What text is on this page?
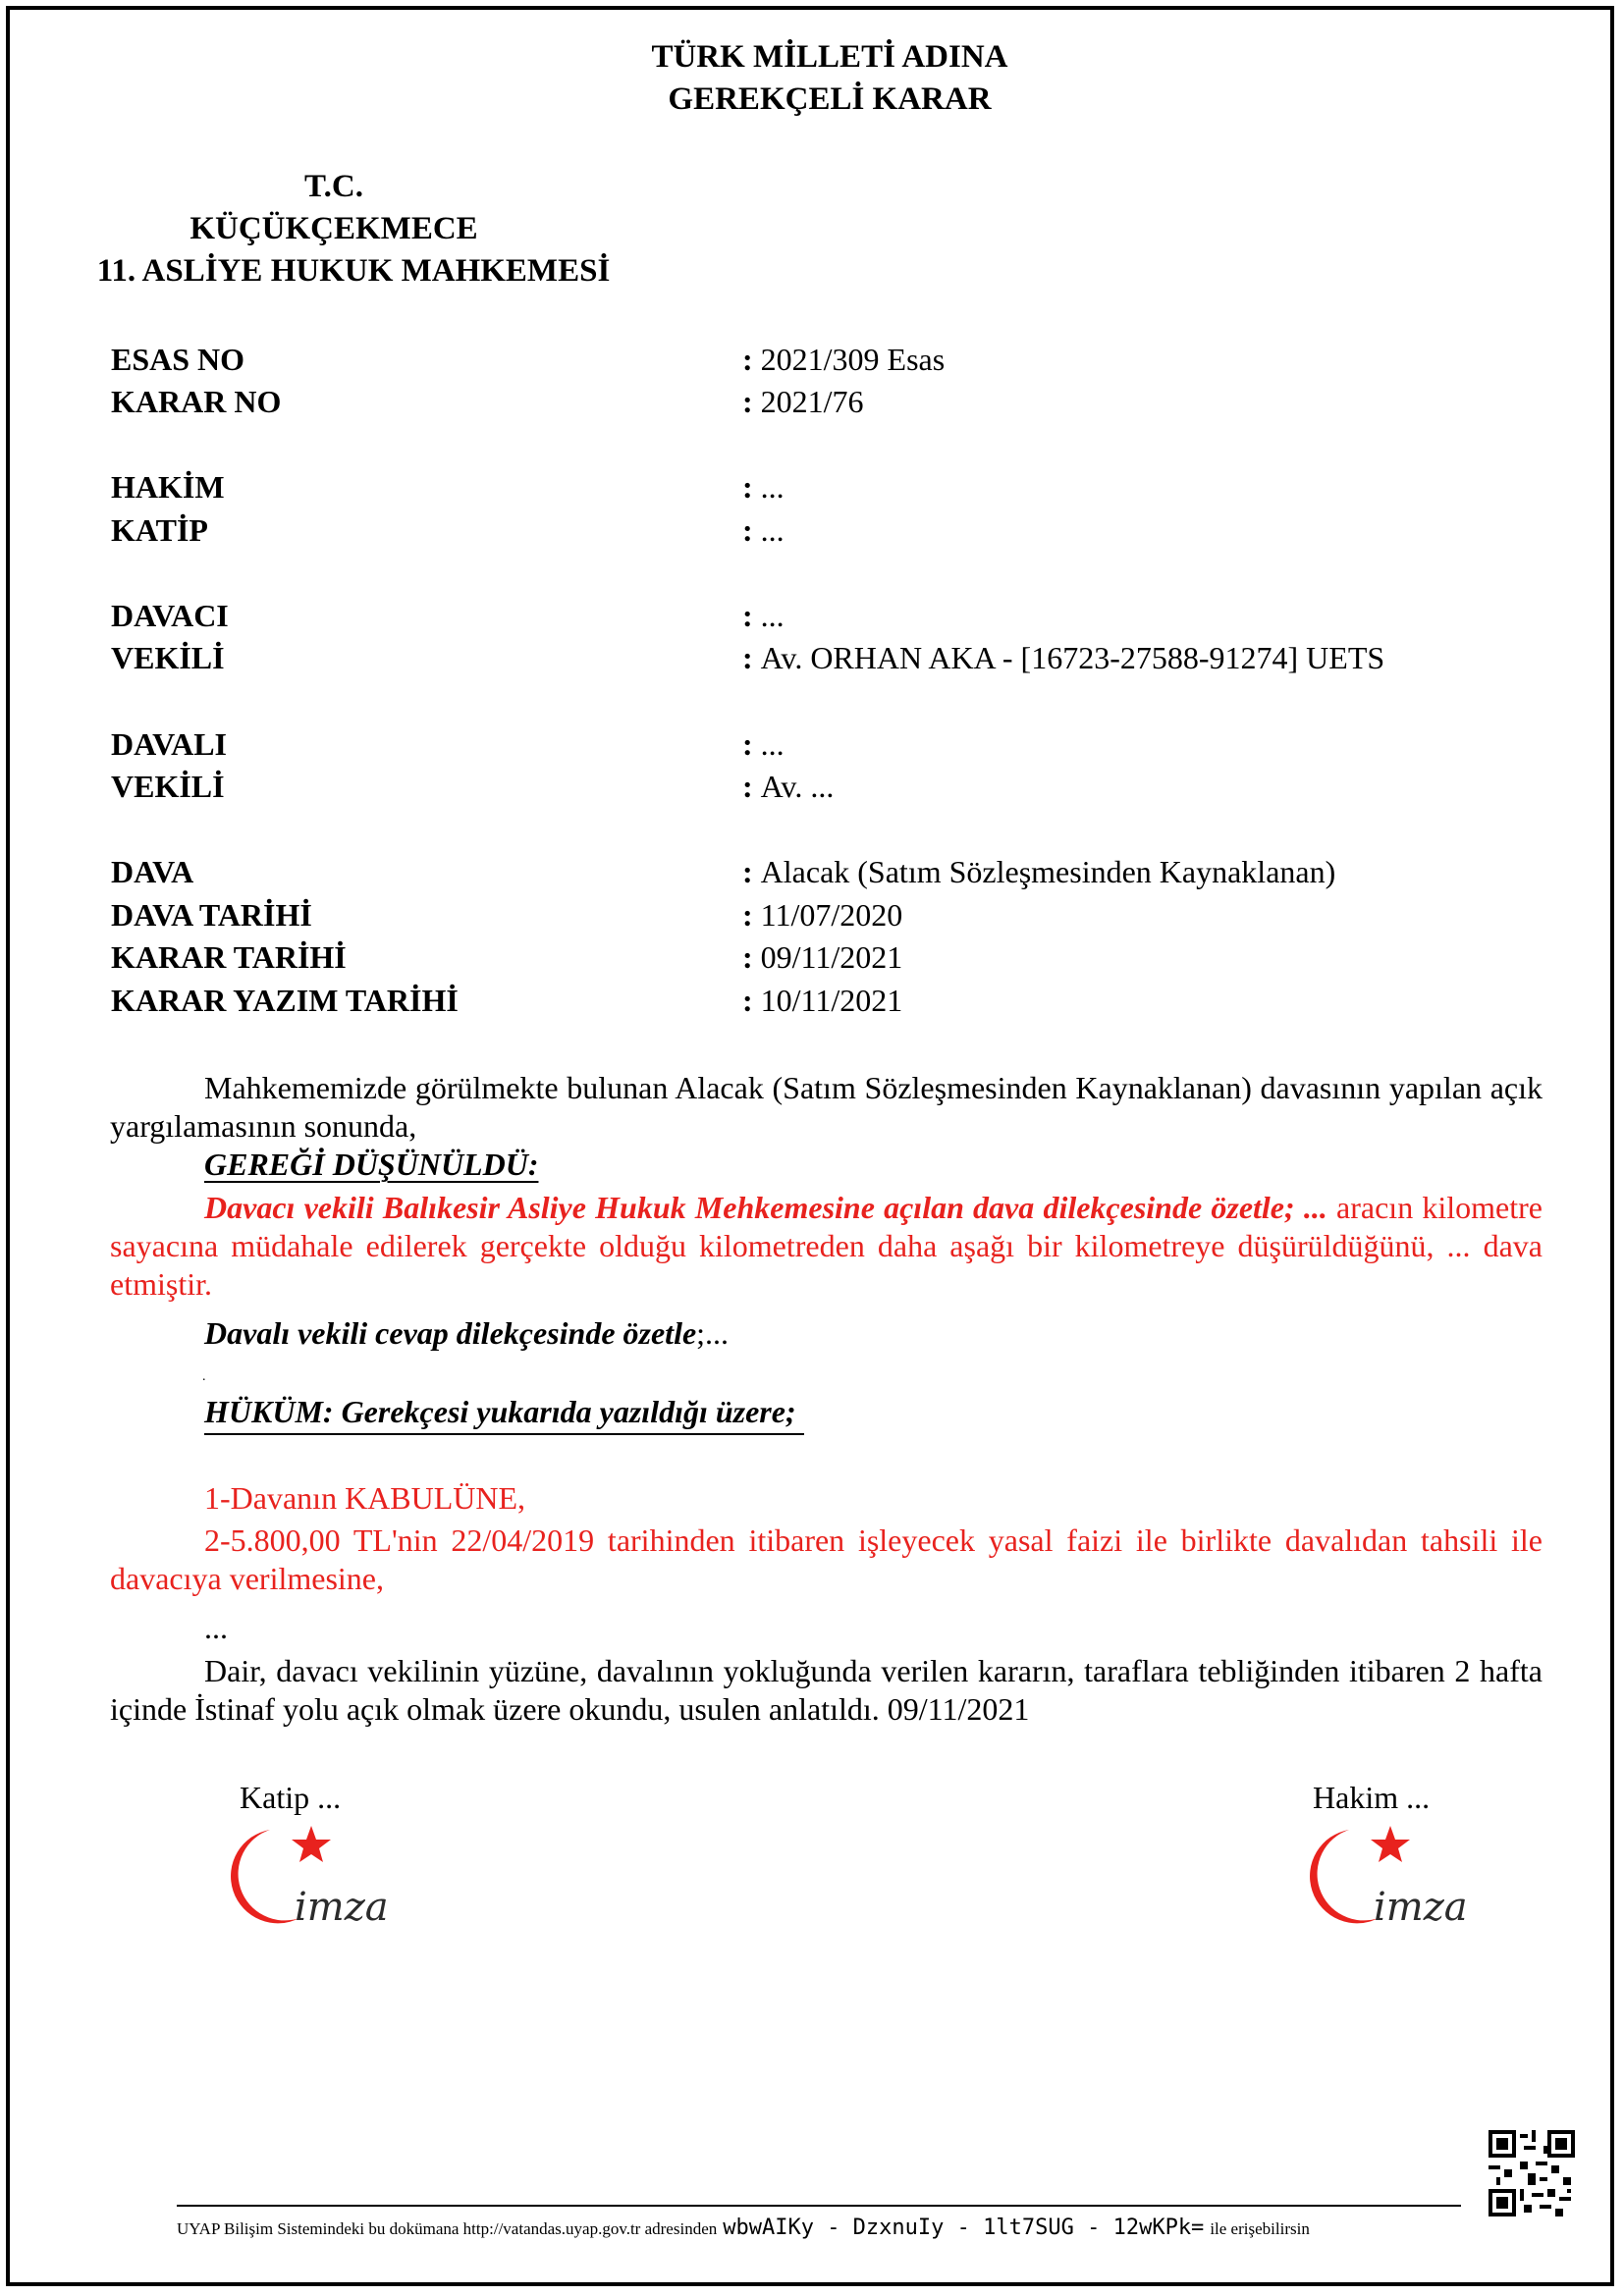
TÜRK MİLLETİ ADINA
GEREKÇELİ KARAR
T.C.
KÜÇÜKÇEKMECE
11. ASLİYE HUKUK MAHKEMESİ
ESAS NO	: 2021/309 Esas
KARAR NO	: 2021/76
HAKİM	: ...
KATİP	: ...
DAVACI	: ...
VEKİLİ	: Av. ORHAN AKA - [16723-27588-91274] UETS
DAVALI	: ...
VEKİLİ	: Av. ...
DAVA	: Alacak (Satım Sözleşmesinden Kaynaklanan)
DAVA TARİHİ	: 11/07/2020
KARAR TARİHİ	: 09/11/2021
KARAR YAZIM TARİHİ	: 10/11/2021
Mahkememizde görülmekte bulunan Alacak (Satım Sözleşmesinden Kaynaklanan) davasının yapılan açık yargılamasının sonunda,
GEREĞİ DÜŞÜNÜLDÜ:
Davacı vekili Balıkesir Asliye Hukuk Mehkemesine açılan dava dilekçesinde özetle; ... aracın kilometre sayacına müdahale edilerek gerçekte olduğu kilometreden daha aşağı bir kilometreye düşürüldüğünü, ... dava etmiştir.
Davalı vekili cevap dilekçesinde özetle;...
.
HÜKÜM: Gerekçesi yukarıda yazıldığı üzere;
1-Davanın KABULÜNE,
2-5.800,00 TL'nin 22/04/2019 tarihinden itibaren işleyecek yasal faizi ile birlikte davalıdan tahsili ile davacıya verilmesine,
...
Dair, davacı vekilinin yüzüne, davalının yokluğunda verilen kararın, taraflara tebliğinden itibaren 2 hafta içinde İstinaf yolu açık olmak üzere okundu, usulen anlatıldı. 09/11/2021
Katip ...	Hakim ...
imza	imza
UYAP Bilişim Sistemindeki bu dokümana http://vatandas.uyap.gov.tr adresinden wbwAIKy - DzxnuIy - 1lt7SUG - 12wKPk= ile erişebilirsin
